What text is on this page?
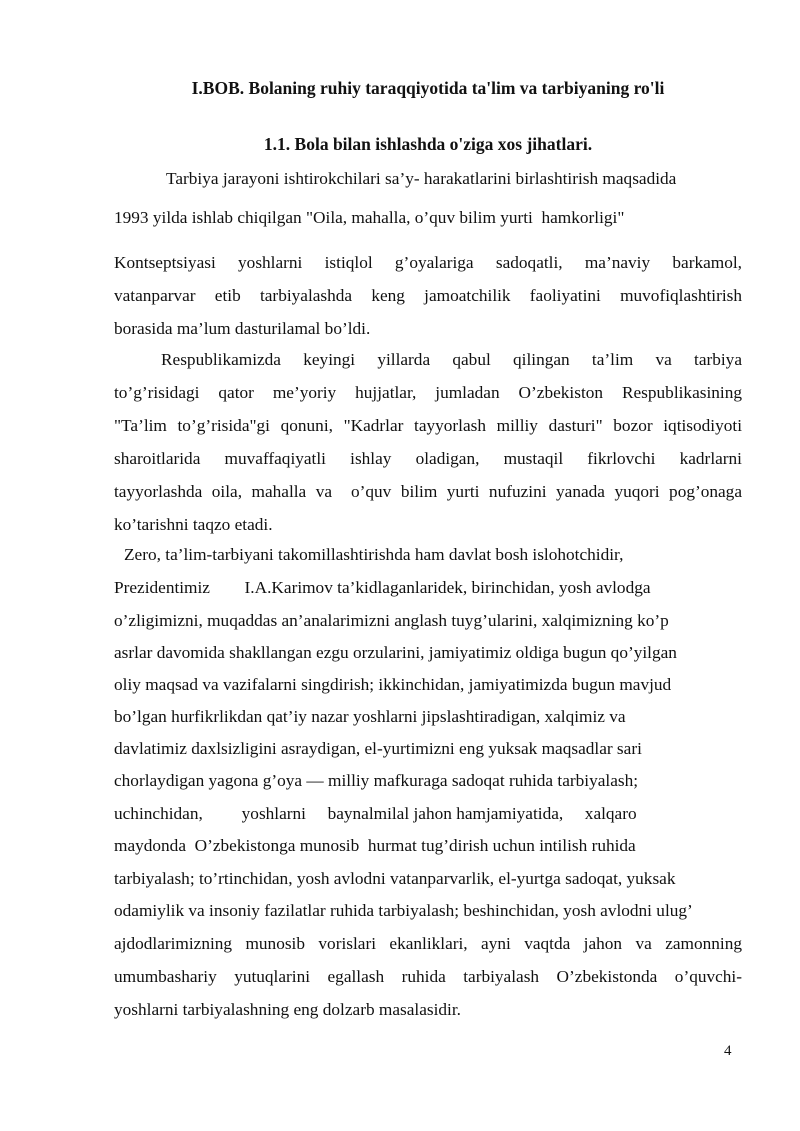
I.BOB. Bolaning ruhiy taraqqiyotida ta'lim va tarbiyaning ro'li

1.1. Bola bilan ishlashda o'ziga xos jihatlari.

Tarbiya jarayoni ishtirokchilari sa’y- harakatlarini birlashtirish maqsadida

1993 yilda ishlab chiqilgan "Oila, mahalla, o’quv bilim yurti  hamkorligi"

Kontseptsiyasi yoshlarni istiqlol g’oyalariga sadoqatli, ma’naviy barkamol,

vatanparvar etib tarbiyalashda keng jamoatchilik faoliyatini muvofiqlashtirish

borasida ma’lum dasturilamal bo’ldi.

Respublikamizda keyingi yillarda qabul qilingan ta’lim va tarbiya

to’g’risidagi qator me’yoriy hujjatlar, jumladan O’zbekiston Respublikasining

"Ta’lim to’g’risida"gi qonuni, "Kadrlar tayyorlash milliy dasturi" bozor iqtisodiyoti

sharoitlarida muvaffaqiyatli ishlay oladigan, mustaqil fikrlovchi kadrlarni

tayyorlashda oila, mahalla va  o’quv bilim yurti nufuzini yanada yuqori pog’onaga

ko’tarishni taqzo etadi.

Zero, ta’lim-tarbiyani takomillashtirishda ham davlat bosh islohotchidir,

Prezidentimiz        I.A.Karimov ta’kidlaganlaridek, birinchidan, yosh avlodga

o’zligimizni, muqaddas an’analarimizni anglash tuyg’ularini, xalqimizning ko’p

asrlar davomida shakllangan ezgu orzularini, jamiyatimiz oldiga bugun qo’yilgan

oliy maqsad va vazifalarni singdirish; ikkinchidan, jamiyatimizda bugun mavjud

bo’lgan hurfikrlikdan qat’iy nazar yoshlarni jipslashtiradigan, xalqimiz va

davlatimiz daxlsizligini asraydigan, el-yurtimizni eng yuksak maqsadlar sari

chorlaydigan yagona g’oya — milliy mafkuraga sadoqat ruhida tarbiyalash;

uchinchidan,         yoshlarni     baynalmilal jahon hamjamiyatida,     xalqaro

maydonda  O’zbekistonga munosib  hurmat tug’dirish uchun intilish ruhida

tarbiyalash; to’rtinchidan, yosh avlodni vatanparvarlik, el-yurtga sadoqat, yuksak

odamiylik va insoniy fazilatlar ruhida tarbiyalash; beshinchidan, yosh avlodni ulug’

ajdodlarimizning munosib vorislari ekanliklari, ayni vaqtda jahon va zamonning

umumbashariy yutuqlarini egallash ruhida tarbiyalash O’zbekistonda o’quvchi-

yoshlarni tarbiyalashning eng dolzarb masalasidir.

4
